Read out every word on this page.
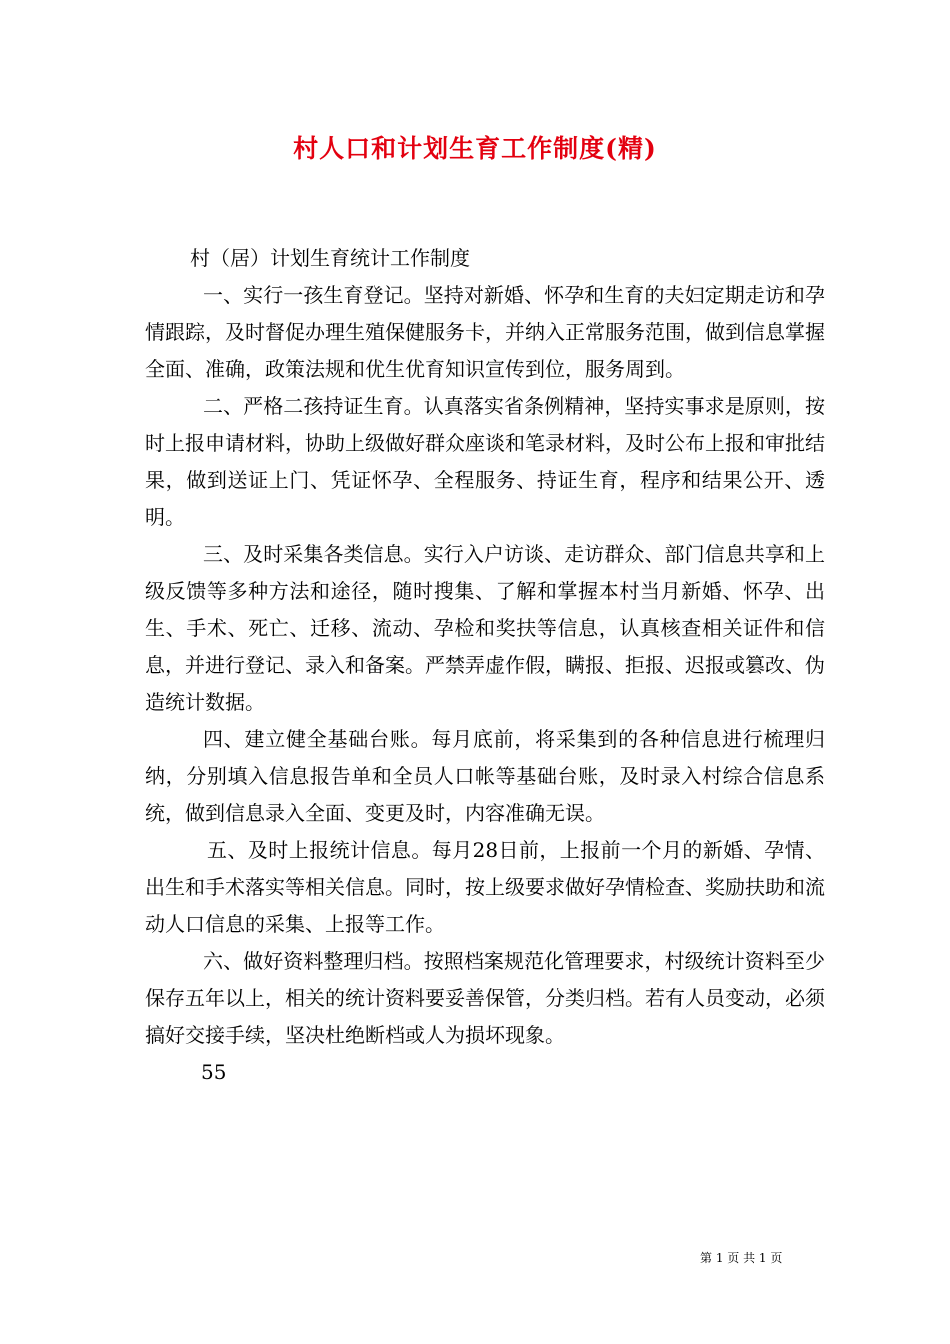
村人口和计划生育工作制度(精)
村（居）计划生育统计工作制度

一、实行一孩生育登记。坚持对新婚、怀孕和生育的夫妇定期走访和孕情跟踪，及时督促办理生殖保健服务卡，并纳入正常服务范围，做到信息掌握全面、准确，政策法规和优生优育知识宣传到位，服务周到。

二、严格二孩持证生育。认真落实省条例精神，坚持实事求是原则，按时上报申请材料，协助上级做好群众座谈和笔录材料，及时公布上报和审批结果，做到送证上门、凭证怀孕、全程服务、持证生育，程序和结果公开、透明。

三、及时采集各类信息。实行入户访谈、走访群众、部门信息共享和上级反馈等多种方法和途径，随时搜集、了解和掌握本村当月新婚、怀孕、出生、手术、死亡、迁移、流动、孕检和奖扶等信息，认真核查相关证件和信息，并进行登记、录入和备案。严禁弄虚作假，瞒报、拒报、迟报或篡改、伪造统计数据。

四、建立健全基础台账。每月底前，将采集到的各种信息进行梳理归纳，分别填入信息报告单和全员人口帐等基础台账，及时录入村综合信息系统，做到信息录入全面、变更及时，内容准确无误。

五、及时上报统计信息。每月28日前，上报前一个月的新婚、孕情、出生和手术落实等相关信息。同时，按上级要求做好孕情检查、奖励扶助和流动人口信息的采集、上报等工作。

六、做好资料整理归档。按照档案规范化管理要求，村级统计资料至少保存五年以上，相关的统计资料要妥善保管，分类归档。若有人员变动，必须搞好交接手续，坚决杜绝断档或人为损坏现象。

55
第 1 页 共 1 页
